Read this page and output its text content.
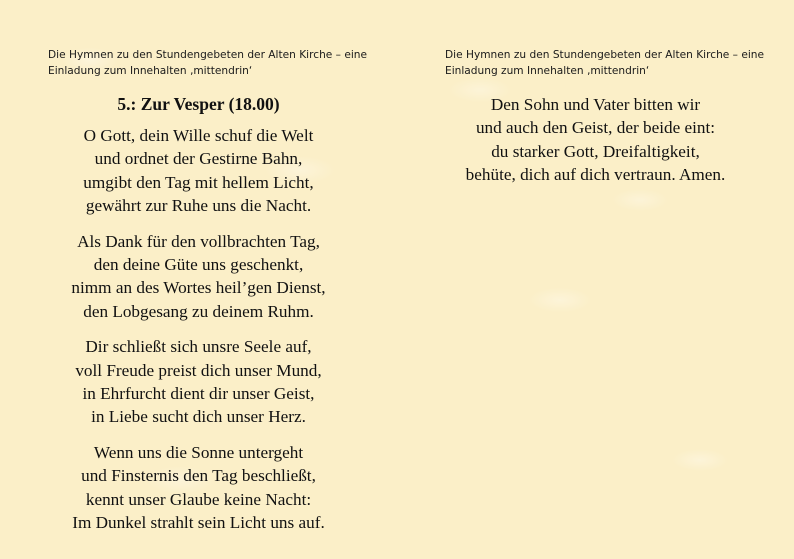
Die Hymnen zu den Stundengebeten der Alten Kirche – eine
Einladung zum Innehalten ‚mittendrin‘
5.: Zur Vesper (18.00)
O Gott, dein Wille schuf die Welt
und ordnet der Gestirne Bahn,
umgibt den Tag mit hellem Licht,
gewährt zur Ruhe uns die Nacht.
Als Dank für den vollbrachten Tag,
den deine Güte uns geschenkt,
nimm an des Wortes heil’gen Dienst,
den Lobgesang zu deinem Ruhm.
Dir schließt sich unsre Seele auf,
voll Freude preist dich unser Mund,
in Ehrfurcht dient dir unser Geist,
in Liebe sucht dich unser Herz.
Wenn uns die Sonne untergeht
und Finsternis den Tag beschließt,
kennt unser Glaube keine Nacht:
Im Dunkel strahlt sein Licht uns auf.
Die Hymnen zu den Stundengebeten der Alten Kirche – eine
Einladung zum Innehalten ‚mittendrin‘
Den Sohn und Vater bitten wir
und auch den Geist, der beide eint:
du starker Gott, Dreifaltigkeit,
behüte, dich auf dich vertraun. Amen.
